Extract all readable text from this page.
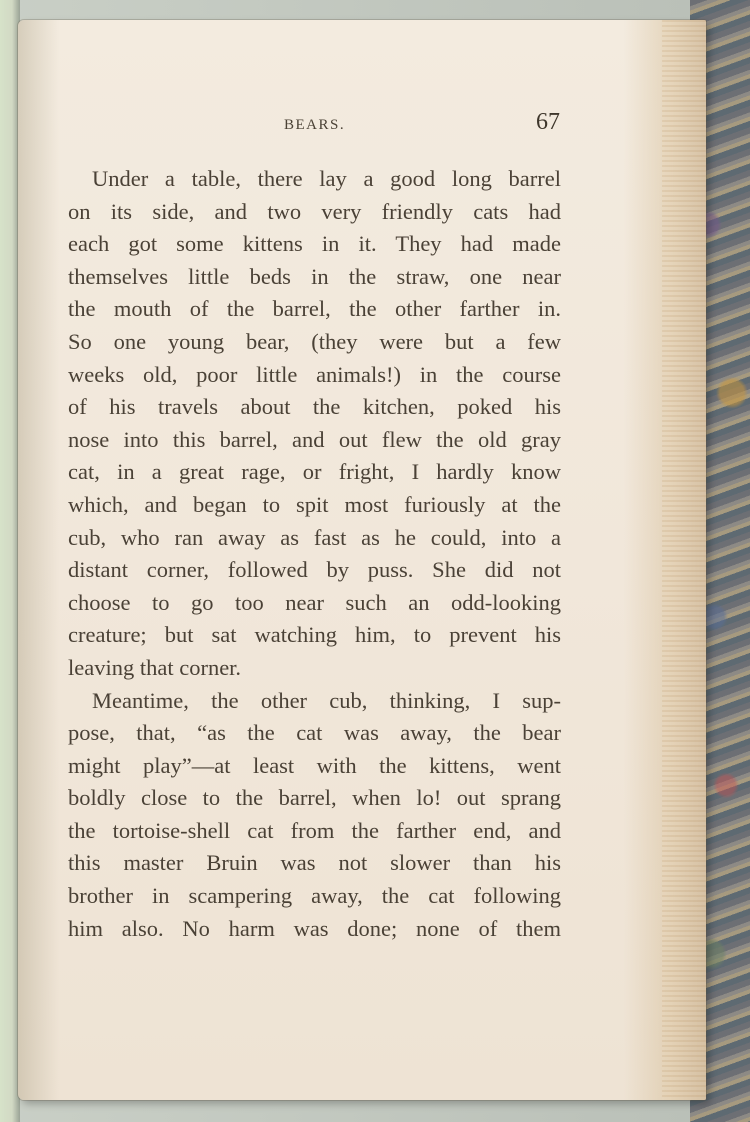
BEARS.	67
Under a table, there lay a good long barrel
on its side, and two very friendly cats had
each got some kittens in it. They had made
themselves little beds in the straw, one near
the mouth of the barrel, the other farther in.
So one young bear, (they were but a few
weeks old, poor little animals!) in the course
of his travels about the kitchen, poked his
nose into this barrel, and out flew the old gray
cat, in a great rage, or fright, I hardly know
which, and began to spit most furiously at the
cub, who ran away as fast as he could, into a
distant corner, followed by puss. She did not
choose to go too near such an odd-looking
creature; but sat watching him, to prevent his
leaving that corner.
Meantime, the other cub, thinking, I sup-
pose, that, “as the cat was away, the bear
might play”—at least with the kittens, went
boldly close to the barrel, when lo! out sprang
the tortoise-shell cat from the farther end, and
this master Bruin was not slower than his
brother in scampering away, the cat following
him also. No harm was done; none of them
